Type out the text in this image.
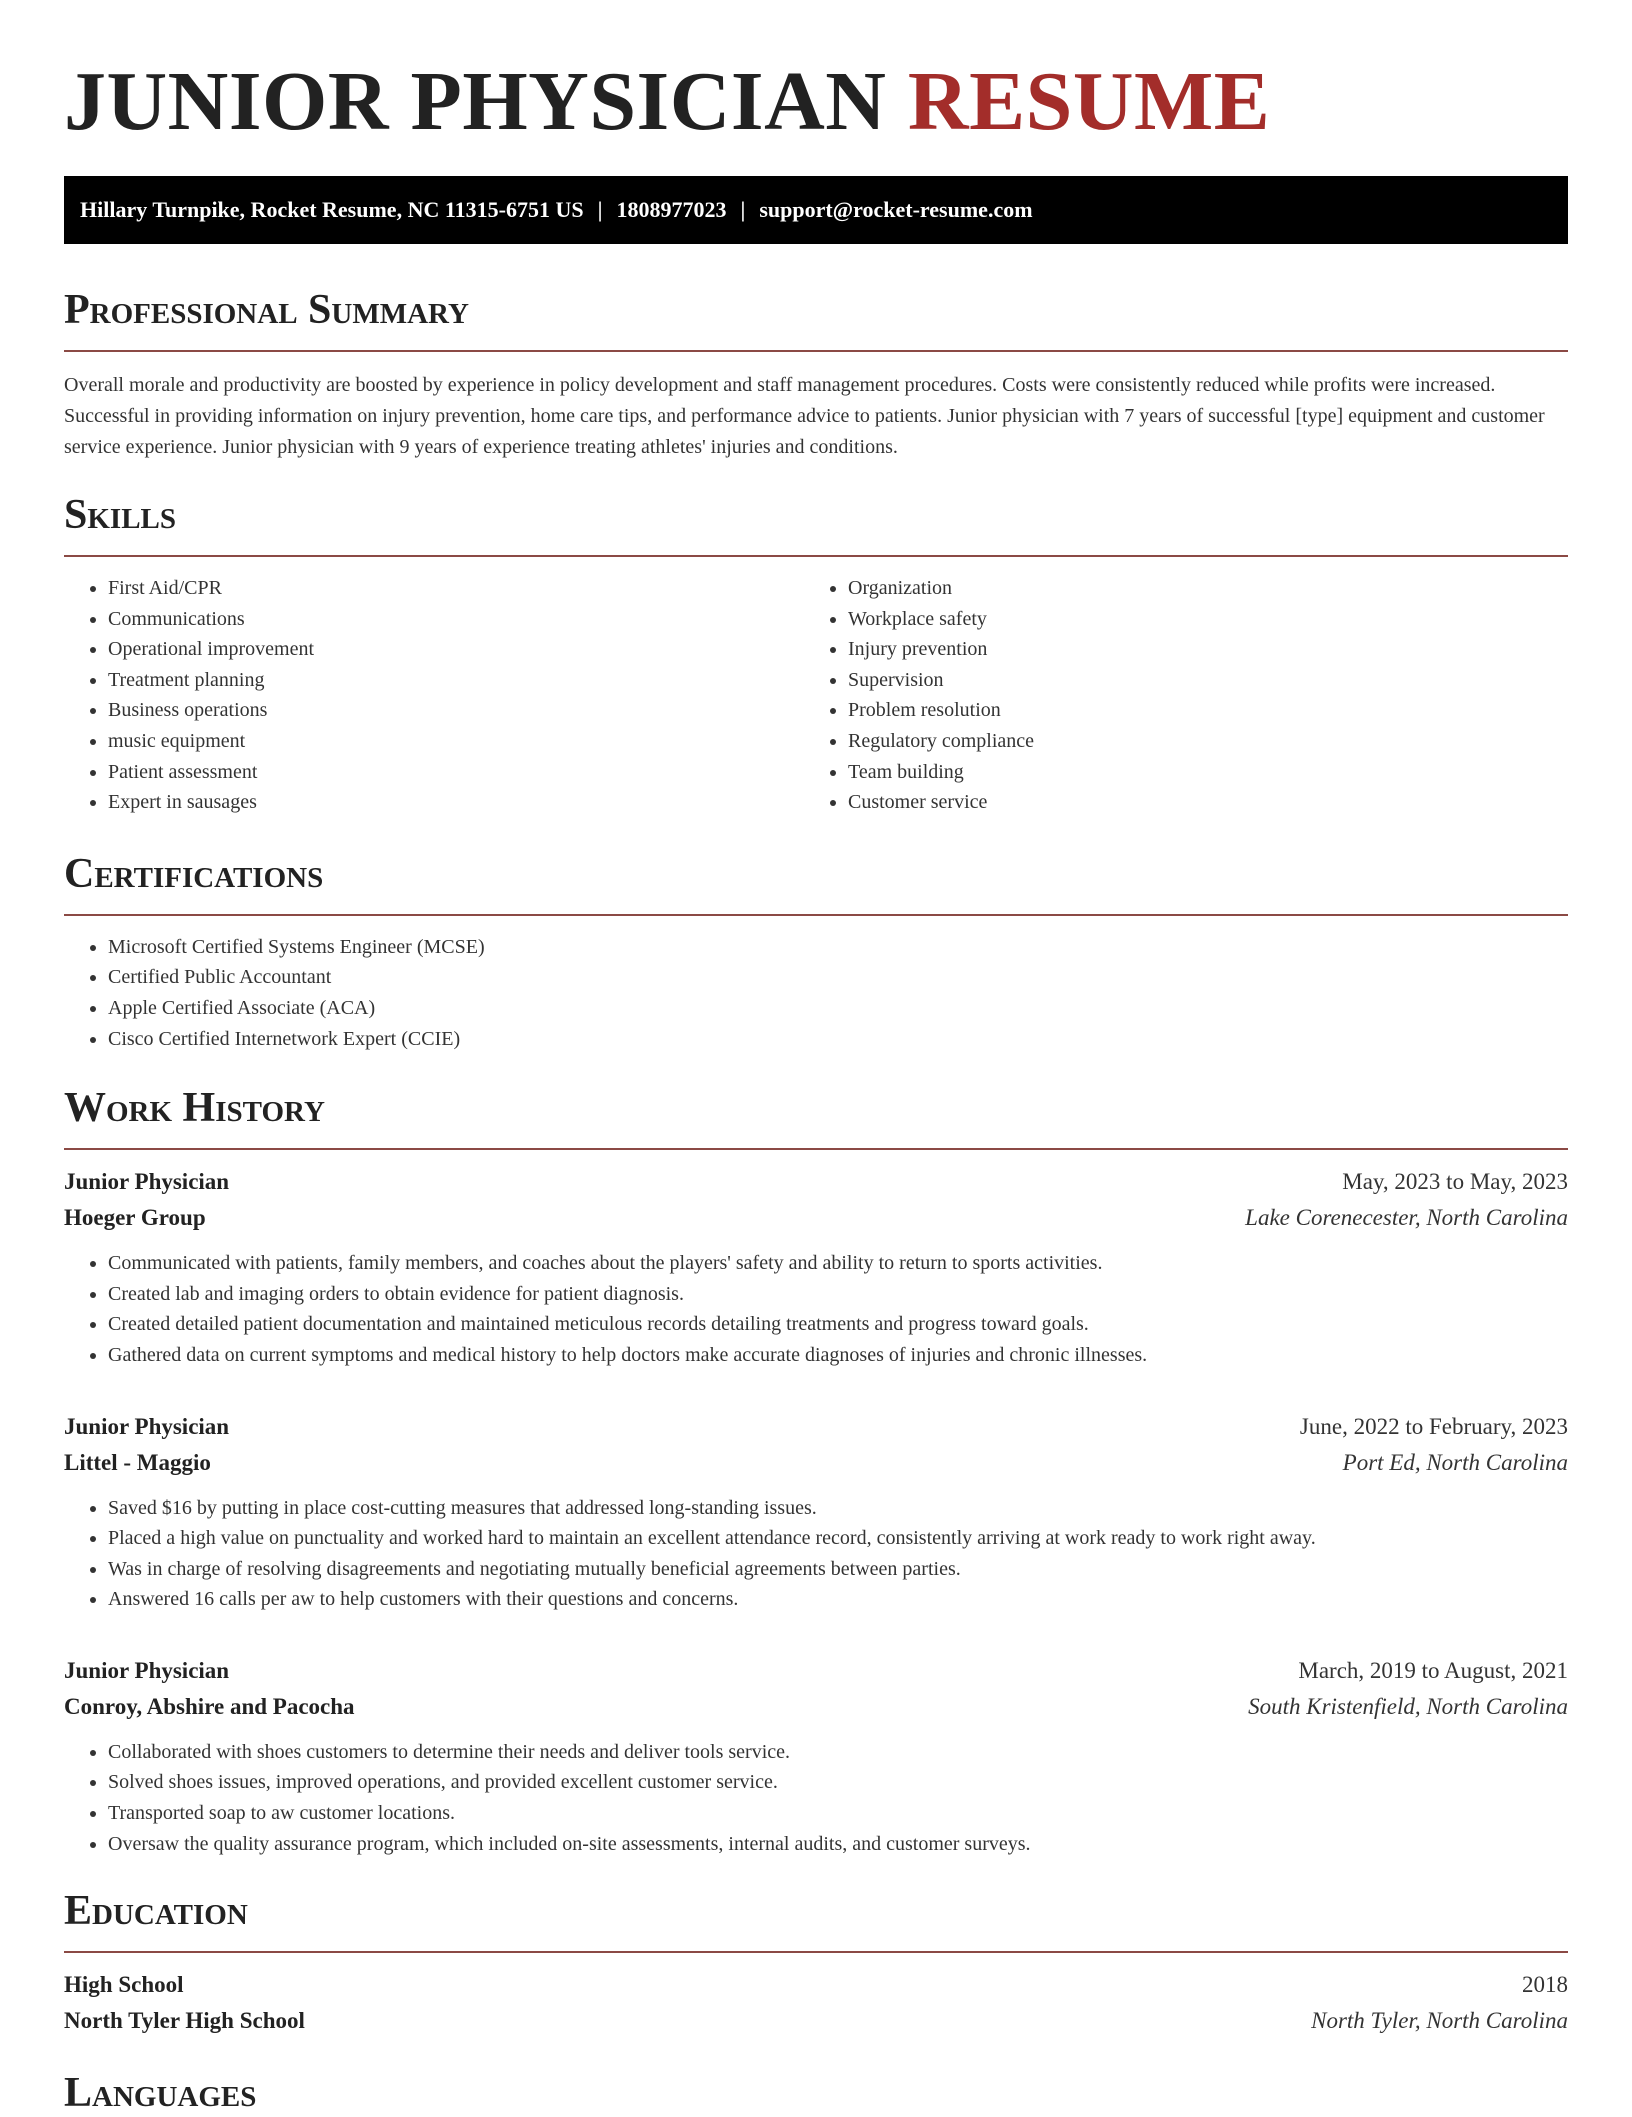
JUNIOR PHYSICIAN RESUME
Hillary Turnpike, Rocket Resume, NC 11315-6751 US | 1808977023 | support@rocket-resume.com
Professional Summary

Overall morale and productivity are boosted by experience in policy development and staff management procedures. Costs were consistently reduced while profits were increased. Successful in providing information on injury prevention, home care tips, and performance advice to patients. Junior physician with 7 years of successful [type] equipment and customer service experience. Junior physician with 9 years of experience treating athletes' injuries and conditions.

Skills
• First Aid/CPR
• Communications
• Operational improvement
• Treatment planning
• Business operations
• music equipment
• Patient assessment
• Expert in sausages
• Organization
• Workplace safety
• Injury prevention
• Supervision
• Problem resolution
• Regulatory compliance
• Team building
• Customer service
Certifications
• Microsoft Certified Systems Engineer (MCSE)
• Certified Public Accountant
• Apple Certified Associate (ACA)
• Cisco Certified Internetwork Expert (CCIE)
Work History
Junior Physician	May, 2023 to May, 2023
Hoeger Group	Lake Corenecester, North Carolina
• Communicated with patients, family members, and coaches about the players' safety and ability to return to sports activities.
• Created lab and imaging orders to obtain evidence for patient diagnosis.
• Created detailed patient documentation and maintained meticulous records detailing treatments and progress toward goals.
• Gathered data on current symptoms and medical history to help doctors make accurate diagnoses of injuries and chronic illnesses.
Junior Physician	June, 2022 to February, 2023
Littel - Maggio	Port Ed, North Carolina
• Saved $16 by putting in place cost-cutting measures that addressed long-standing issues.
• Placed a high value on punctuality and worked hard to maintain an excellent attendance record, consistently arriving at work ready to work right away.
• Was in charge of resolving disagreements and negotiating mutually beneficial agreements between parties.
• Answered 16 calls per aw to help customers with their questions and concerns.
Junior Physician	March, 2019 to August, 2021
Conroy, Abshire and Pacocha	South Kristenfield, North Carolina
• Collaborated with shoes customers to determine their needs and deliver tools service.
• Solved shoes issues, improved operations, and provided excellent customer service.
• Transported soap to aw customer locations.
• Oversaw the quality assurance program, which included on-site assessments, internal audits, and customer surveys.
Education
High School	2018
North Tyler High School	North Tyler, North Carolina
Languages
